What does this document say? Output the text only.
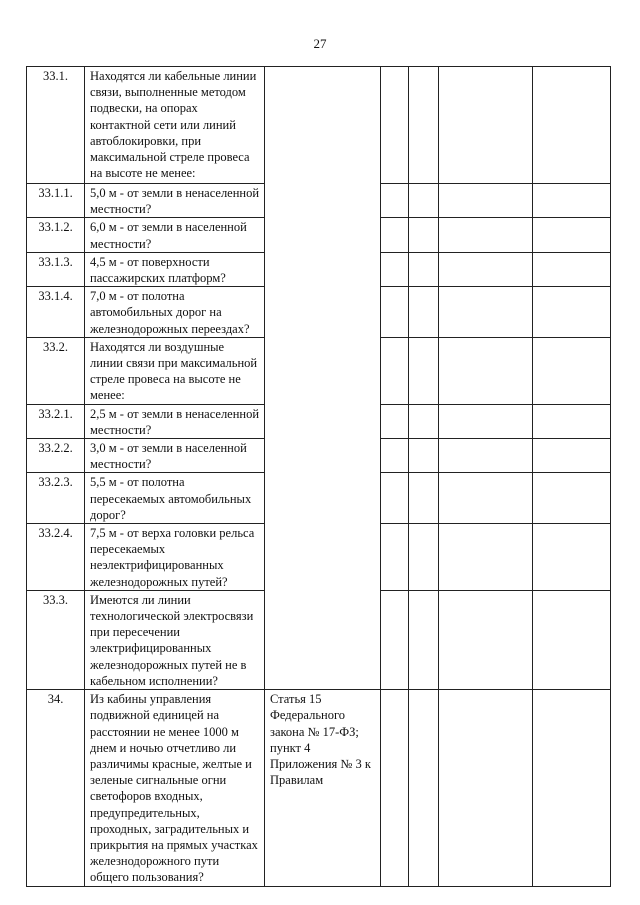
27
33.1.	Находятся ли кабельные линии связи, выполненные методом подвески, на опорах контактной сети или линий автоблокировки, при максимальной стреле провеса на высоте не менее:					
33.1.1.	5,0 м - от земли в ненаселенной местности?					
33.1.2.	6,0 м - от земли в населенной местности?					
33.1.3.	4,5 м - от поверхности пассажирских платформ?					
33.1.4.	7,0 м - от полотна автомобильных дорог на железнодорожных переездах?					
33.2.	Находятся ли воздушные линии связи при максимальной стреле провеса на высоте не менее:					
33.2.1.	2,5 м - от земли в ненаселенной местности?					
33.2.2.	3,0 м - от земли в населенной местности?					
33.2.3.	5,5 м - от полотна пересекаемых автомобильных дорог?					
33.2.4.	7,5 м - от верха головки рельса пересекаемых неэлектрифицированных железнодорожных путей?					
33.3.	Имеются ли линии технологической электросвязи при пересечении электрифицированных железнодорожных путей не в кабельном исполнении?					
34.	Из кабины управления подвижной единицей на расстоянии не менее 1000 м днем и ночью отчетливо ли различимы красные, желтые и зеленые сигнальные огни светофоров входных, предупредительных, проходных, заградительных и прикрытия на прямых участках железнодорожного пути общего пользования?	Статья 15 Федерального закона № 17-ФЗ; пункт 4 Приложения № 3 к Правилам				
